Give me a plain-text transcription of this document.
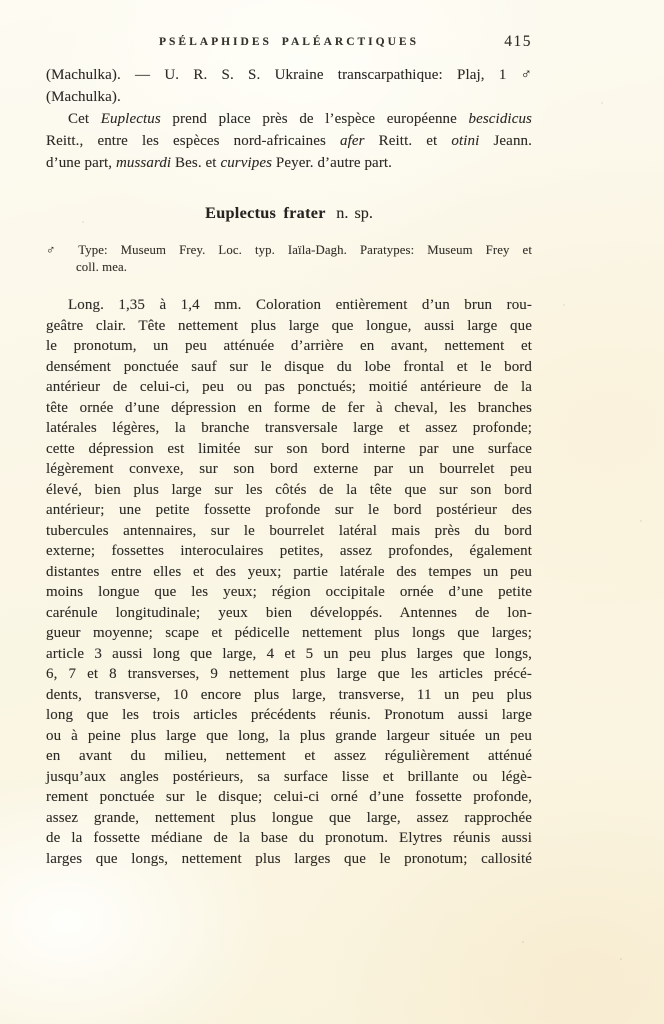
PSÉLAPHIDES PALÉARCTIQUES	415
(Machulka). — U. R. S. S. Ukraine transcarpathique: Plaj, 1 ♂
(Machulka).
Cet Euplectus prend place près de l’espèce européenne bescidicus
Reitt., entre les espèces nord-africaines afer Reitt. et otini Jeann.
d’une part, mussardi Bes. et curvipes Peyer. d’autre part.
Euplectus frater n. sp.
♂ Type: Museum Frey. Loc. typ. Iaïla-Dagh. Paratypes: Museum Frey et
coll. mea.
Long. 1,35 à 1,4 mm. Coloration entièrement d’un brun rou-
geâtre clair. Tête nettement plus large que longue, aussi large que
le pronotum, un peu atténuée d’arrière en avant, nettement et
densément ponctuée sauf sur le disque du lobe frontal et le bord
antérieur de celui-ci, peu ou pas ponctués; moitié antérieure de la
tête ornée d’une dépression en forme de fer à cheval, les branches
latérales légères, la branche transversale large et assez profonde;
cette dépression est limitée sur son bord interne par une surface
légèrement convexe, sur son bord externe par un bourrelet peu
élevé, bien plus large sur les côtés de la tête que sur son bord
antérieur; une petite fossette profonde sur le bord postérieur des
tubercules antennaires, sur le bourrelet latéral mais près du bord
externe; fossettes interoculaires petites, assez profondes, également
distantes entre elles et des yeux; partie latérale des tempes un peu
moins longue que les yeux; région occipitale ornée d’une petite
carénule longitudinale; yeux bien développés. Antennes de lon-
gueur moyenne; scape et pédicelle nettement plus longs que larges;
article 3 aussi long que large, 4 et 5 un peu plus larges que longs,
6, 7 et 8 transverses, 9 nettement plus large que les articles précé-
dents, transverse, 10 encore plus large, transverse, 11 un peu plus
long que les trois articles précédents réunis. Pronotum aussi large
ou à peine plus large que long, la plus grande largeur située un peu
en avant du milieu, nettement et assez régulièrement atténué
jusqu’aux angles postérieurs, sa surface lisse et brillante ou légè-
rement ponctuée sur le disque; celui-ci orné d’une fossette profonde,
assez grande, nettement plus longue que large, assez rapprochée
de la fossette médiane de la base du pronotum. Elytres réunis aussi
larges que longs, nettement plus larges que le pronotum; callosité
